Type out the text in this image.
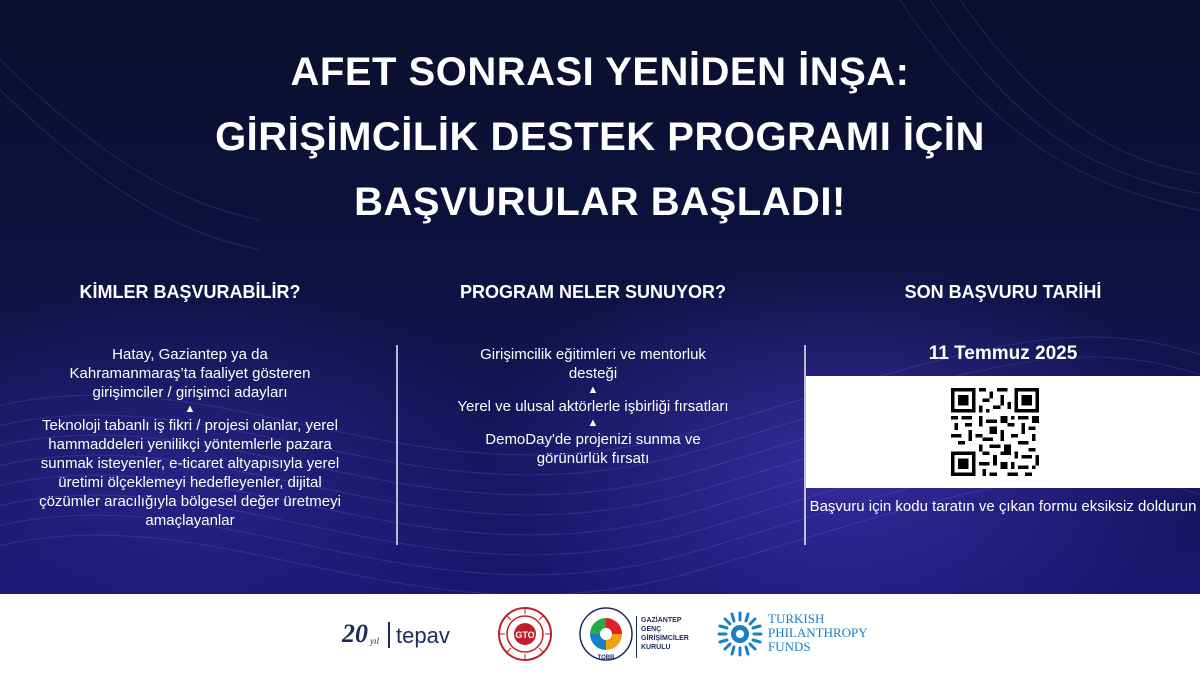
AFET SONRASI YENİDEN İNŞA:
GİRİŞİMCİLİK DESTEK PROGRAMI İÇİN
BAŞVURULAR BAŞLADI!
KİMLER BAŞVURABİLİR?
Hatay, Gaziantep ya da Kahramanmaraş’ta faaliyet gösteren girişimciler / girişimci adayları
▲
Teknoloji tabanlı iş fikri / projesi olanlar, yerel hammaddeleri yenilikçi yöntemlerle pazara sunmak isteyenler, e-ticaret altyapısıyla yerel üretimi ölçeklemeyi hedefleyenler, dijital çözümler aracılığıyla bölgesel değer üretmeyi amaçlayanlar
PROGRAM NELER SUNUYOR?
Girişimcilik eğitimleri ve mentorluk desteği
▲
Yerel ve ulusal aktörlerle işbirliği fırsatları
▲
DemoDay'de projenizi sunma ve görünürlük fırsatı
SON BAŞVURU TARİHİ
11 Temmuz 2025
Başvuru için kodu taratın ve çıkan formu eksiksiz doldurun
20 yıl tepav	GTO
TOBB
GAZİANTEP
GENÇ
GİRİŞİMCİLER
KURULU
TURKISH
PHILANTHROPY
FUNDS
